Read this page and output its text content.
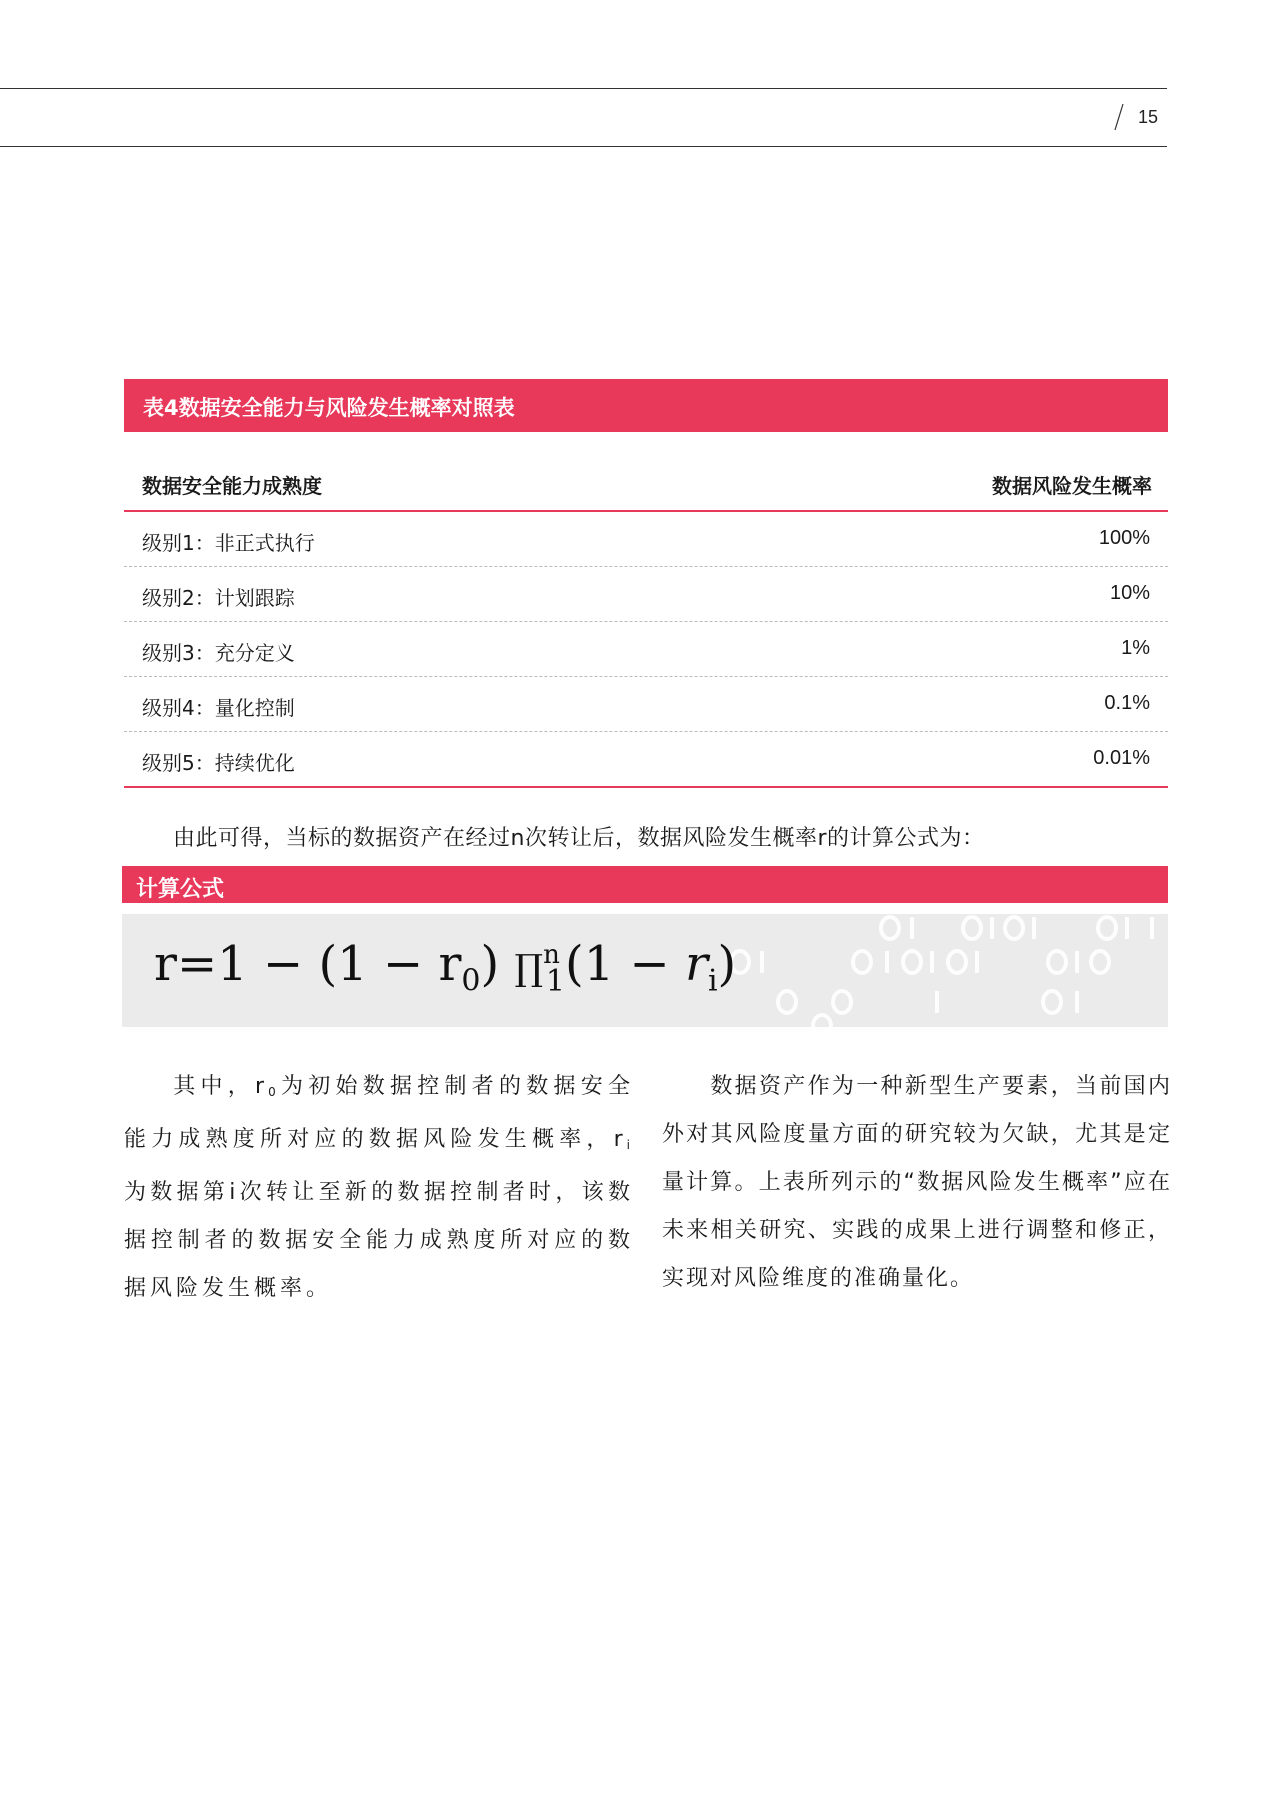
15
表4数据安全能力与风险发生概率对照表
数据安全能力成熟度	数据风险发生概率
级别1：非正式执行	100%
级别2：计划跟踪	10%
级别3：充分定义	1%
级别4：量化控制	0.1%
级别5：持续优化	0.01%
由此可得，当标的数据资产在经过n次转让后，数据风险发生概率r的计算公式为：
计算公式
$r=1 - (1 - r_0)$ ∏$^n_1$(1 − $r_i$)
其中，r0为初始数据控制者的数据安全能力成熟度所对应的数据风险发生概率，ri为数据第i次转让至新的数据控制者时，该数据控制者的数据安全能力成熟度所对应的数据风险发生概率。
数据资产作为一种新型生产要素，当前国内外对其风险度量方面的研究较为欠缺，尤其是定量计算。上表所列示的“数据风险发生概率”应在未来相关研究、实践的成果上进行调整和修正，实现对风险维度的准确量化。
